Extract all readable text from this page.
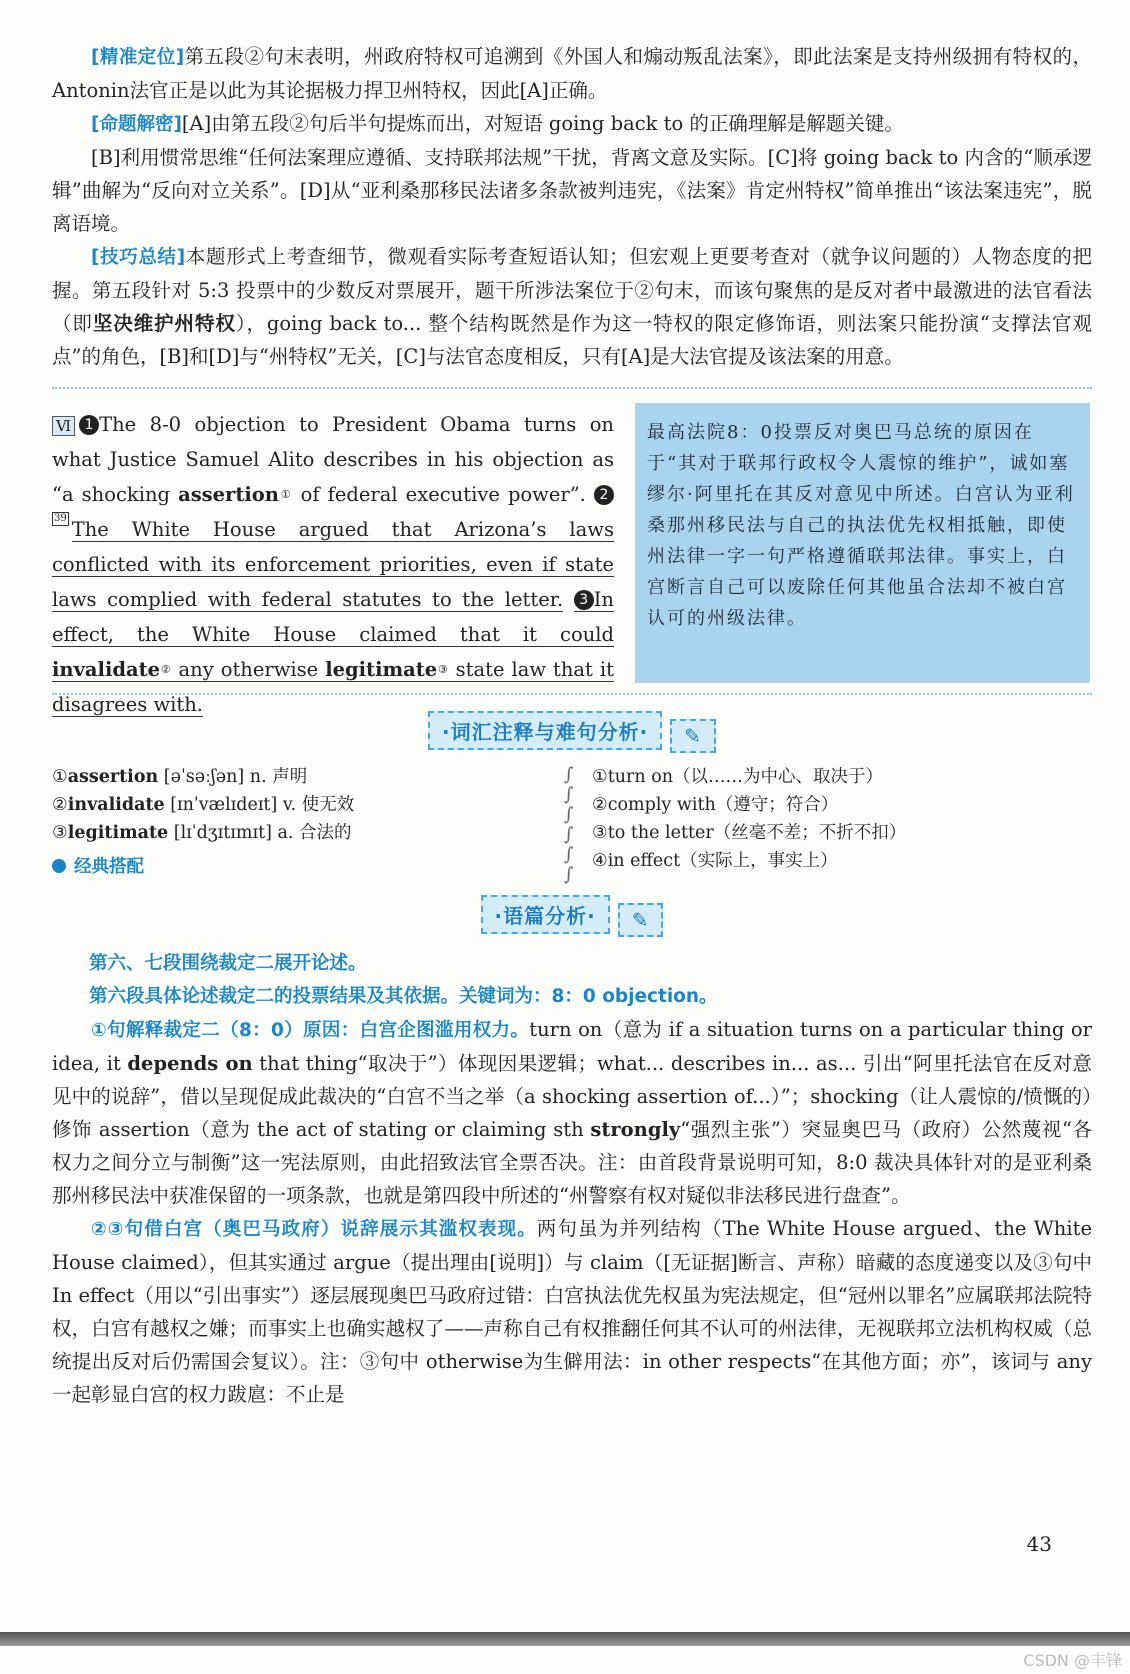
[精准定位]第五段②句末表明，州政府特权可追溯到《外国人和煽动叛乱法案》，即此法案是支持州级拥有特权的，Antonin法官正是以此为其论据极力捍卫州特权，因此[A]正确。

[命题解密][A]由第五段②句后半句提炼而出，对短语 going back to 的正确理解是解题关键。

[B]利用惯常思维“任何法案理应遵循、支持联邦法规”干扰，背离文意及实际。[C]将 going back to 内含的“顺承逻辑”曲解为“反向对立关系”。[D]从“亚利桑那移民法诸多条款被判违宪，《法案》肯定州特权”简单推出“该法案违宪”，脱离语境。

[技巧总结]本题形式上考查细节，微观看实际考查短语认知；但宏观上更要考查对（就争议问题的）人物态度的把握。第五段针对 5:3 投票中的少数反对票展开，题干所涉法案位于②句末，而该句聚焦的是反对者中最激进的法官看法（即坚决维护州特权），going back to... 整个结构既然是作为这一特权的限定修饰语，则法案只能扮演“支撑法官观点”的角色，[B]和[D]与“州特权”无关，[C]与法官态度相反，只有[A]是大法官提及该法案的用意。

Ⅵ 1 The 8-0 objection to President Obama turns on what Justice Samuel Alito describes in his objection as “a shocking assertion① of federal executive power”. 239 The White House argued that Arizona’s laws conflicted with its enforcement priorities, even if state laws complied with federal statutes to the letter. 3 In effect, the White House claimed that it could invalidate② any otherwise legitimate③ state law that it disagrees with.
最高法院8：0投票反对奥巴马总统的原因在于“其对于联邦行政权令人震惊的维护”，诚如塞缪尔·阿里托在其反对意见中所述。白宫认为亚利桑那州移民法与自己的执法优先权相抵触，即使州法律一字一句严格遵循联邦法律。事实上，白宫断言自己可以废除任何其他虽合法却不被白宫认可的州级法律。
·词汇注释与难句分析· ✎
①assertion [əˈsəːʃən] n. 声明
②invalidate [ɪnˈvælɪdeɪt] v. 使无效
③legitimate [lɪˈdʒɪtɪmɪt] a. 合法的
经典搭配
∫
∫
∫
∫
∫
∫
①turn on（以……为中心、取决于）
②comply with（遵守；符合）
③to the letter（丝毫不差；不折不扣）
④in effect（实际上，事实上）
·语篇分析· ✎

第六、七段围绕裁定二展开论述。

第六段具体论述裁定二的投票结果及其依据。关键词为：8：0 objection。

①句解释裁定二（8：0）原因：白宫企图滥用权力。turn on（意为 if a situation turns on a particular thing or idea, it depends on that thing“取决于”）体现因果逻辑；what... describes in... as... 引出“阿里托法官在反对意见中的说辞”，借以呈现促成此裁决的“白宫不当之举（a shocking assertion of...）”；shocking（让人震惊的/愤慨的）修饰 assertion（意为 the act of stating or claiming sth strongly“强烈主张”）突显奥巴马（政府）公然蔑视“各权力之间分立与制衡”这一宪法原则，由此招致法官全票否决。注：由首段背景说明可知，8:0 裁决具体针对的是亚利桑那州移民法中获准保留的一项条款，也就是第四段中所述的“州警察有权对疑似非法移民进行盘查”。

②③句借白宫（奥巴马政府）说辞展示其滥权表现。两句虽为并列结构（The White House argued、the White House claimed），但其实通过 argue（提出理由[说明]）与 claim（[无证据]断言、声称）暗藏的态度递变以及③句中 In effect（用以“引出事实”）逐层展现奥巴马政府过错：白宫执法优先权虽为宪法规定，但“冠州以罪名”应属联邦法院特权，白宫有越权之嫌；而事实上也确实越权了——声称自己有权推翻任何其不认可的州法律，无视联邦立法机构权威（总统提出反对后仍需国会复议）。注：③句中 otherwise为生僻用法：in other respects“在其他方面；亦”，该词与 any 一起彰显白宫的权力跋扈：不止是

43
CSDN @丰锋
